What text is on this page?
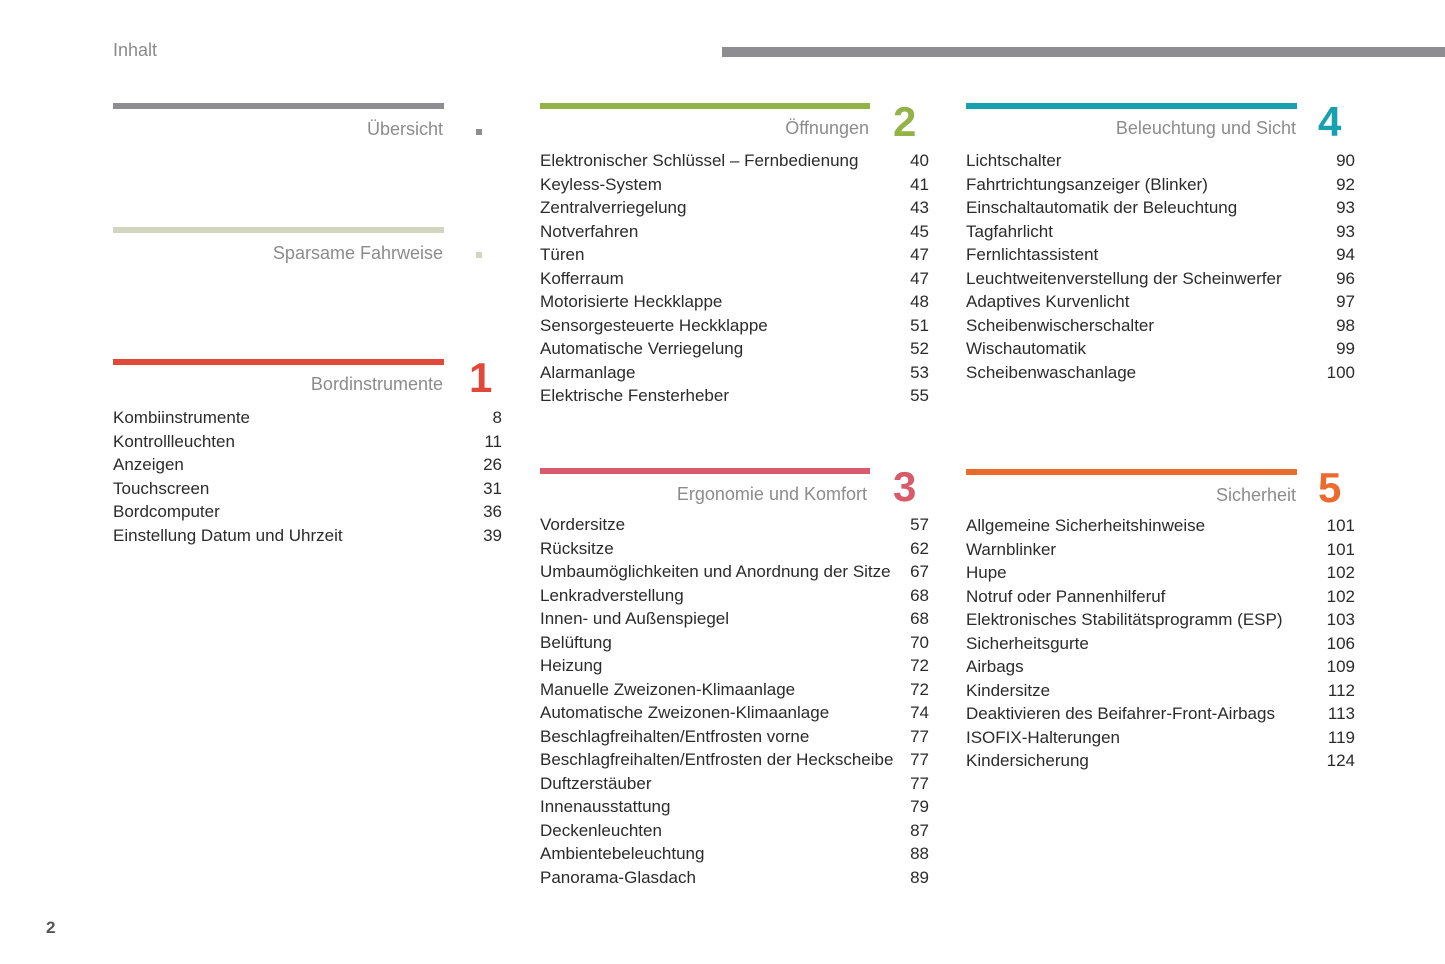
Inhalt
Übersicht
Sparsame Fahrweise
Bordinstrumente 1
Kombiinstrumente	8
Kontrollleuchten	11
Anzeigen	26
Touchscreen	31
Bordcomputer	36
Einstellung Datum und Uhrzeit	39
Öffnungen 2
Elektronischer Schlüssel – Fernbedienung	40
Keyless-System	41
Zentralverriegelung	43
Notverfahren	45
Türen	47
Kofferraum	47
Motorisierte Heckklappe	48
Sensorgesteuerte Heckklappe	51
Automatische Verriegelung	52
Alarmanlage	53
Elektrische Fensterheber	55
Ergonomie und Komfort 3
Vordersitze	57
Rücksitze	62
Umbaumöglichkeiten und Anordnung der Sitze 67
Lenkradverstellung	68
Innen- und Außenspiegel	68
Belüftung	70
Heizung	72
Manuelle Zweizonen-Klimaanlage	72
Automatische Zweizonen-Klimaanlage	74
Beschlagfreihalten/Entfrosten vorne	77
Beschlagfreihalten/Entfrosten der Heckscheibe 77
Duftzerstäuber	77
Innenausstattung	79
Deckenleuchten	87
Ambientebeleuchtung	88
Panorama-Glasdach	89
Beleuchtung und Sicht 4
Lichtschalter	90
Fahrtrichtungsanzeiger (Blinker)	92
Einschaltautomatik der Beleuchtung	93
Tagfahrlicht	93
Fernlichtassistent	94
Leuchtweitenverstellung der Scheinwerfer	96
Adaptives Kurvenlicht	97
Scheibenwischerschalter	98
Wischautomatik	99
Scheibenwaschanlage	100
Sicherheit 5
Allgemeine Sicherheitshinweise	101
Warnblinker	101
Hupe	102
Notruf oder Pannenhilferuf	102
Elektronisches Stabilitätsprogramm (ESP)	103
Sicherheitsgurte	106
Airbags	109
Kindersitze	112
Deaktivieren des Beifahrer-Front-Airbags	113
ISOFIX-Halterungen	119
Kindersicherung	124
2
